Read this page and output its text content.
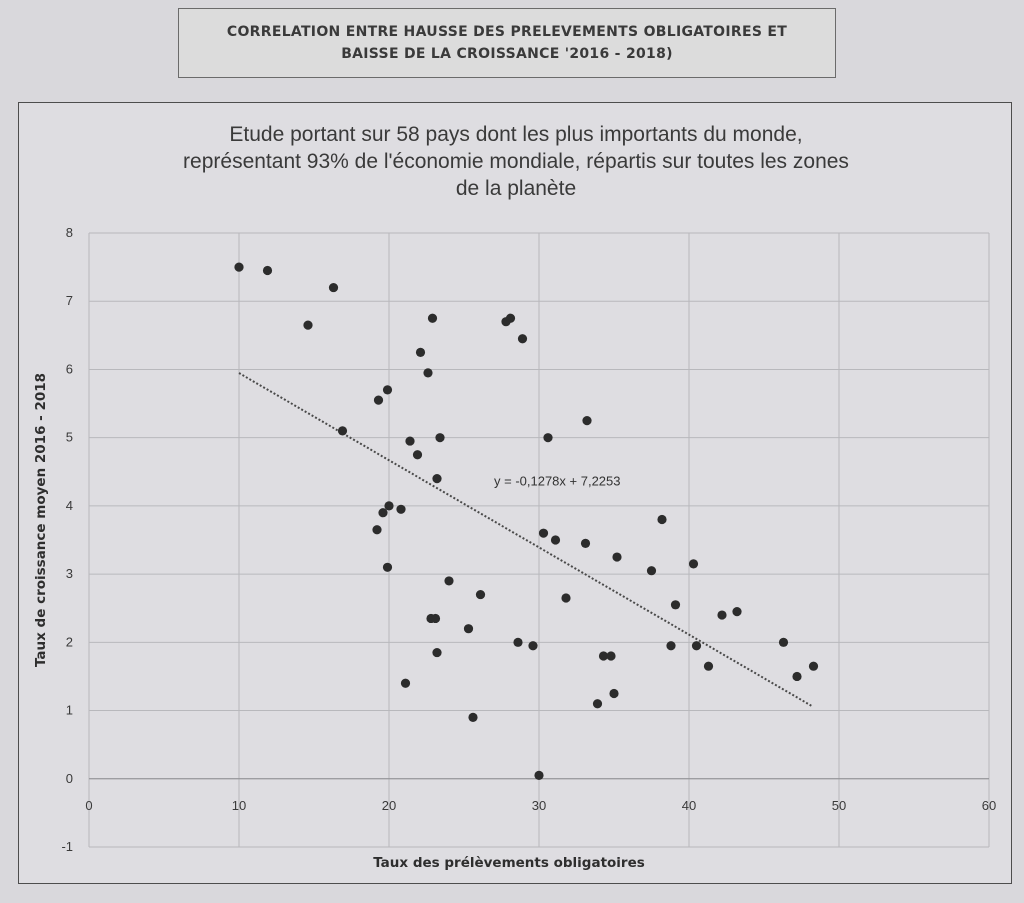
CORRELATION ENTRE HAUSSE DES PRELEVEMENTS OBLIGATOIRES ET
BAISSE DE LA CROISSANCE '2016 - 2018)
Etude portant sur 58 pays dont les plus importants du monde,
représentant 93% de l'économie mondiale, répartis sur toutes les zones
de la planète
-1
0
1
2
3
4
5
6
7
8
0	10	20	30	40	50	60
y = -0,1278x + 7,2253
Taux des prélèvements obligatoires
Taux de croissance moyen 2016 - 2018
